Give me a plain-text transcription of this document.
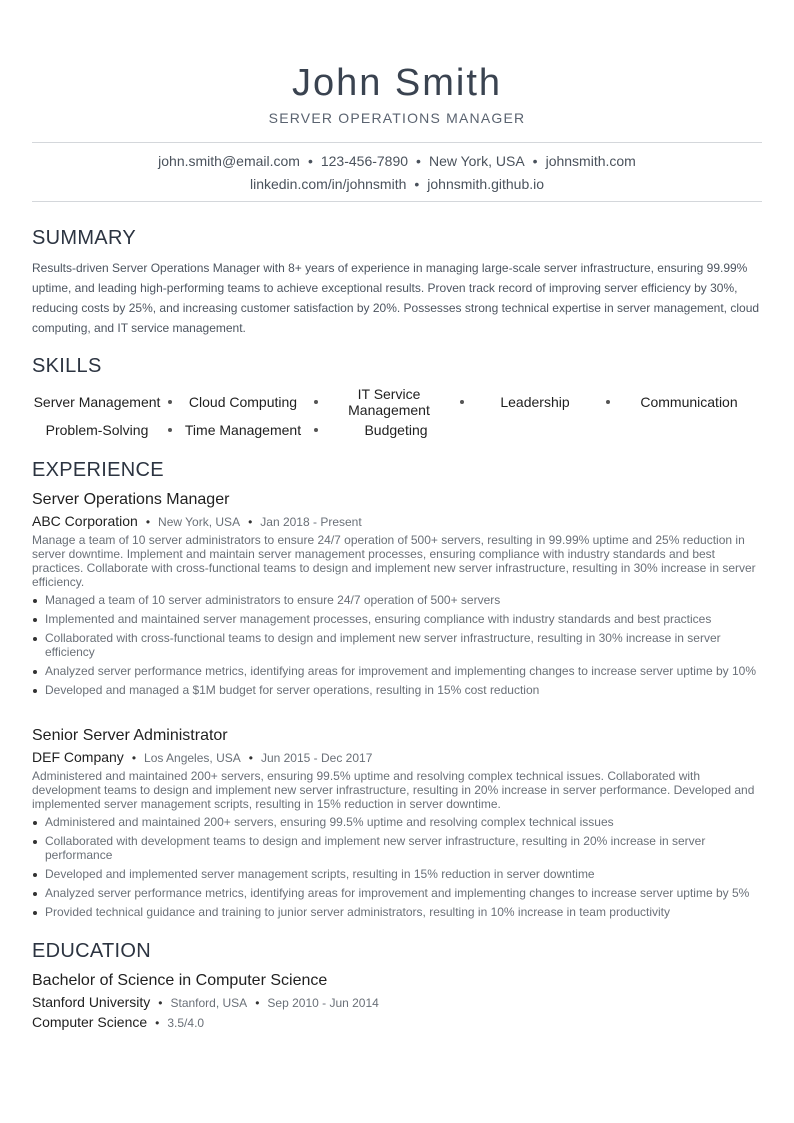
John Smith
SERVER OPERATIONS MANAGER
john.smith@email.com • 123-456-7890 • New York, USA • johnsmith.com
linkedin.com/in/johnsmith • johnsmith.github.io
SUMMARY
Results-driven Server Operations Manager with 8+ years of experience in managing large-scale server infrastructure, ensuring 99.99% uptime, and leading high-performing teams to achieve exceptional results. Proven track record of improving server efficiency by 30%, reducing costs by 25%, and increasing customer satisfaction by 20%. Possesses strong technical expertise in server management, cloud computing, and IT service management.
SKILLS
Server Management	Cloud Computing	IT Service Management	Leadership	Communication
Problem-Solving	Time Management	Budgeting
EXPERIENCE
Server Operations Manager
ABC Corporation • New York, USA • Jan 2018 - Present
Manage a team of 10 server administrators to ensure 24/7 operation of 500+ servers, resulting in 99.99% uptime and 25% reduction in server downtime. Implement and maintain server management processes, ensuring compliance with industry standards and best practices. Collaborate with cross-functional teams to design and implement new server infrastructure, resulting in 30% increase in server efficiency.
Managed a team of 10 server administrators to ensure 24/7 operation of 500+ servers
Implemented and maintained server management processes, ensuring compliance with industry standards and best practices
Collaborated with cross-functional teams to design and implement new server infrastructure, resulting in 30% increase in server efficiency
Analyzed server performance metrics, identifying areas for improvement and implementing changes to increase server uptime by 10%
Developed and managed a $1M budget for server operations, resulting in 15% cost reduction
Senior Server Administrator
DEF Company • Los Angeles, USA • Jun 2015 - Dec 2017
Administered and maintained 200+ servers, ensuring 99.5% uptime and resolving complex technical issues. Collaborated with development teams to design and implement new server infrastructure, resulting in 20% increase in server performance. Developed and implemented server management scripts, resulting in 15% reduction in server downtime.
Administered and maintained 200+ servers, ensuring 99.5% uptime and resolving complex technical issues
Collaborated with development teams to design and implement new server infrastructure, resulting in 20% increase in server performance
Developed and implemented server management scripts, resulting in 15% reduction in server downtime
Analyzed server performance metrics, identifying areas for improvement and implementing changes to increase server uptime by 5%
Provided technical guidance and training to junior server administrators, resulting in 10% increase in team productivity
EDUCATION
Bachelor of Science in Computer Science
Stanford University • Stanford, USA • Sep 2010 - Jun 2014
Computer Science • 3.5/4.0
